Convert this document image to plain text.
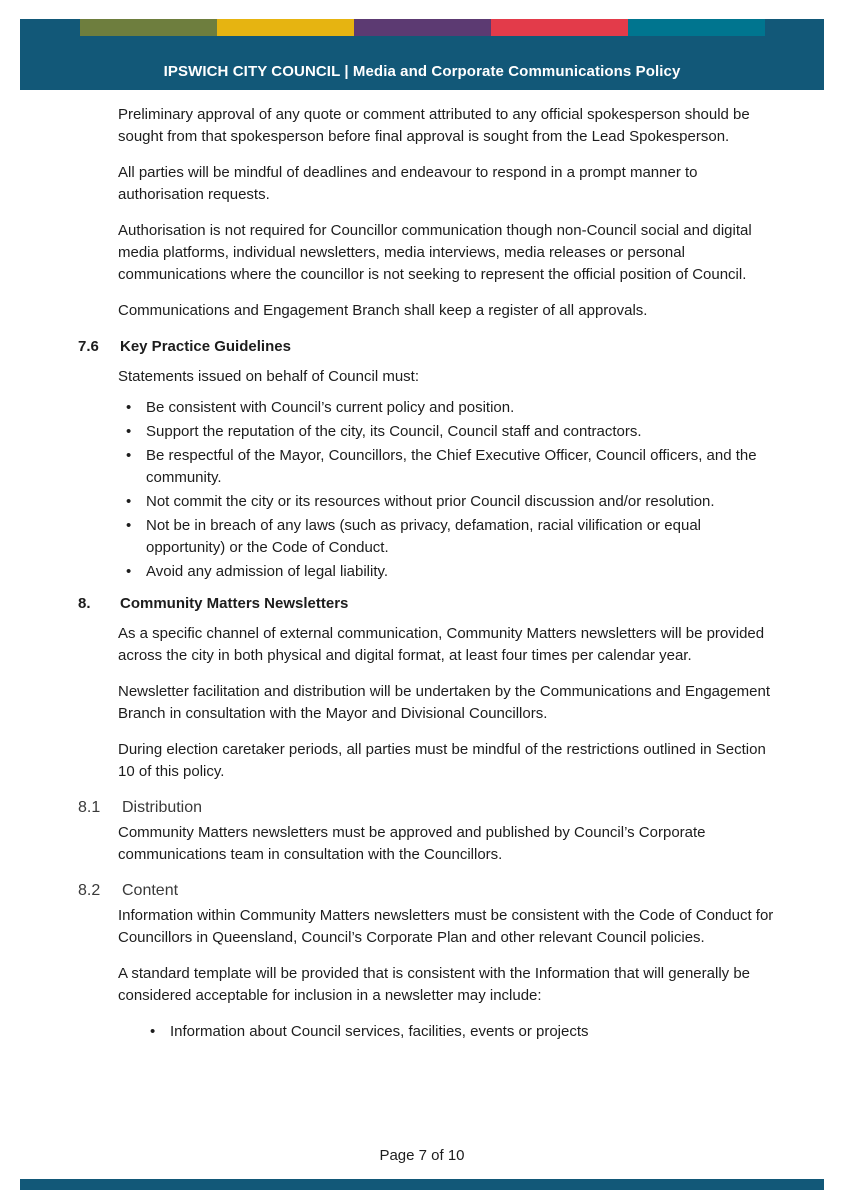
IPSWICH CITY COUNCIL | Media and Corporate Communications Policy

Preliminary approval of any quote or comment attributed to any official spokesperson should be sought from that spokesperson before final approval is sought from the Lead Spokesperson.

All parties will be mindful of deadlines and endeavour to respond in a prompt manner to authorisation requests.

Authorisation is not required for Councillor communication though non-Council social and digital media platforms, individual newsletters, media interviews, media releases or personal communications where the councillor is not seeking to represent the official position of Council.

Communications and Engagement Branch shall keep a register of all approvals.

7.6	Key Practice Guidelines

Statements issued on behalf of Council must:

• Be consistent with Council’s current policy and position.
• Support the reputation of the city, its Council, Council staff and contractors.
• Be respectful of the Mayor, Councillors, the Chief Executive Officer, Council officers, and the community.
• Not commit the city or its resources without prior Council discussion and/or resolution.
• Not be in breach of any laws (such as privacy, defamation, racial vilification or equal opportunity) or the Code of Conduct.
• Avoid any admission of legal liability.
8.	Community Matters Newsletters

As a specific channel of external communication, Community Matters newsletters will be provided across the city in both physical and digital format, at least four times per calendar year.

Newsletter facilitation and distribution will be undertaken by the Communications and Engagement Branch in consultation with the Mayor and Divisional Councillors.

During election caretaker periods, all parties must be mindful of the restrictions outlined in Section 10 of this policy.

8.1	Distribution

Community Matters newsletters must be approved and published by Council’s Corporate communications team in consultation with the Councillors.

8.2	Content

Information within Community Matters newsletters must be consistent with the Code of Conduct for Councillors in Queensland, Council’s Corporate Plan and other relevant Council policies.

A standard template will be provided that is consistent with the Information that will generally be considered acceptable for inclusion in a newsletter may include:

• Information about Council services, facilities, events or projects
Page 7 of 10
